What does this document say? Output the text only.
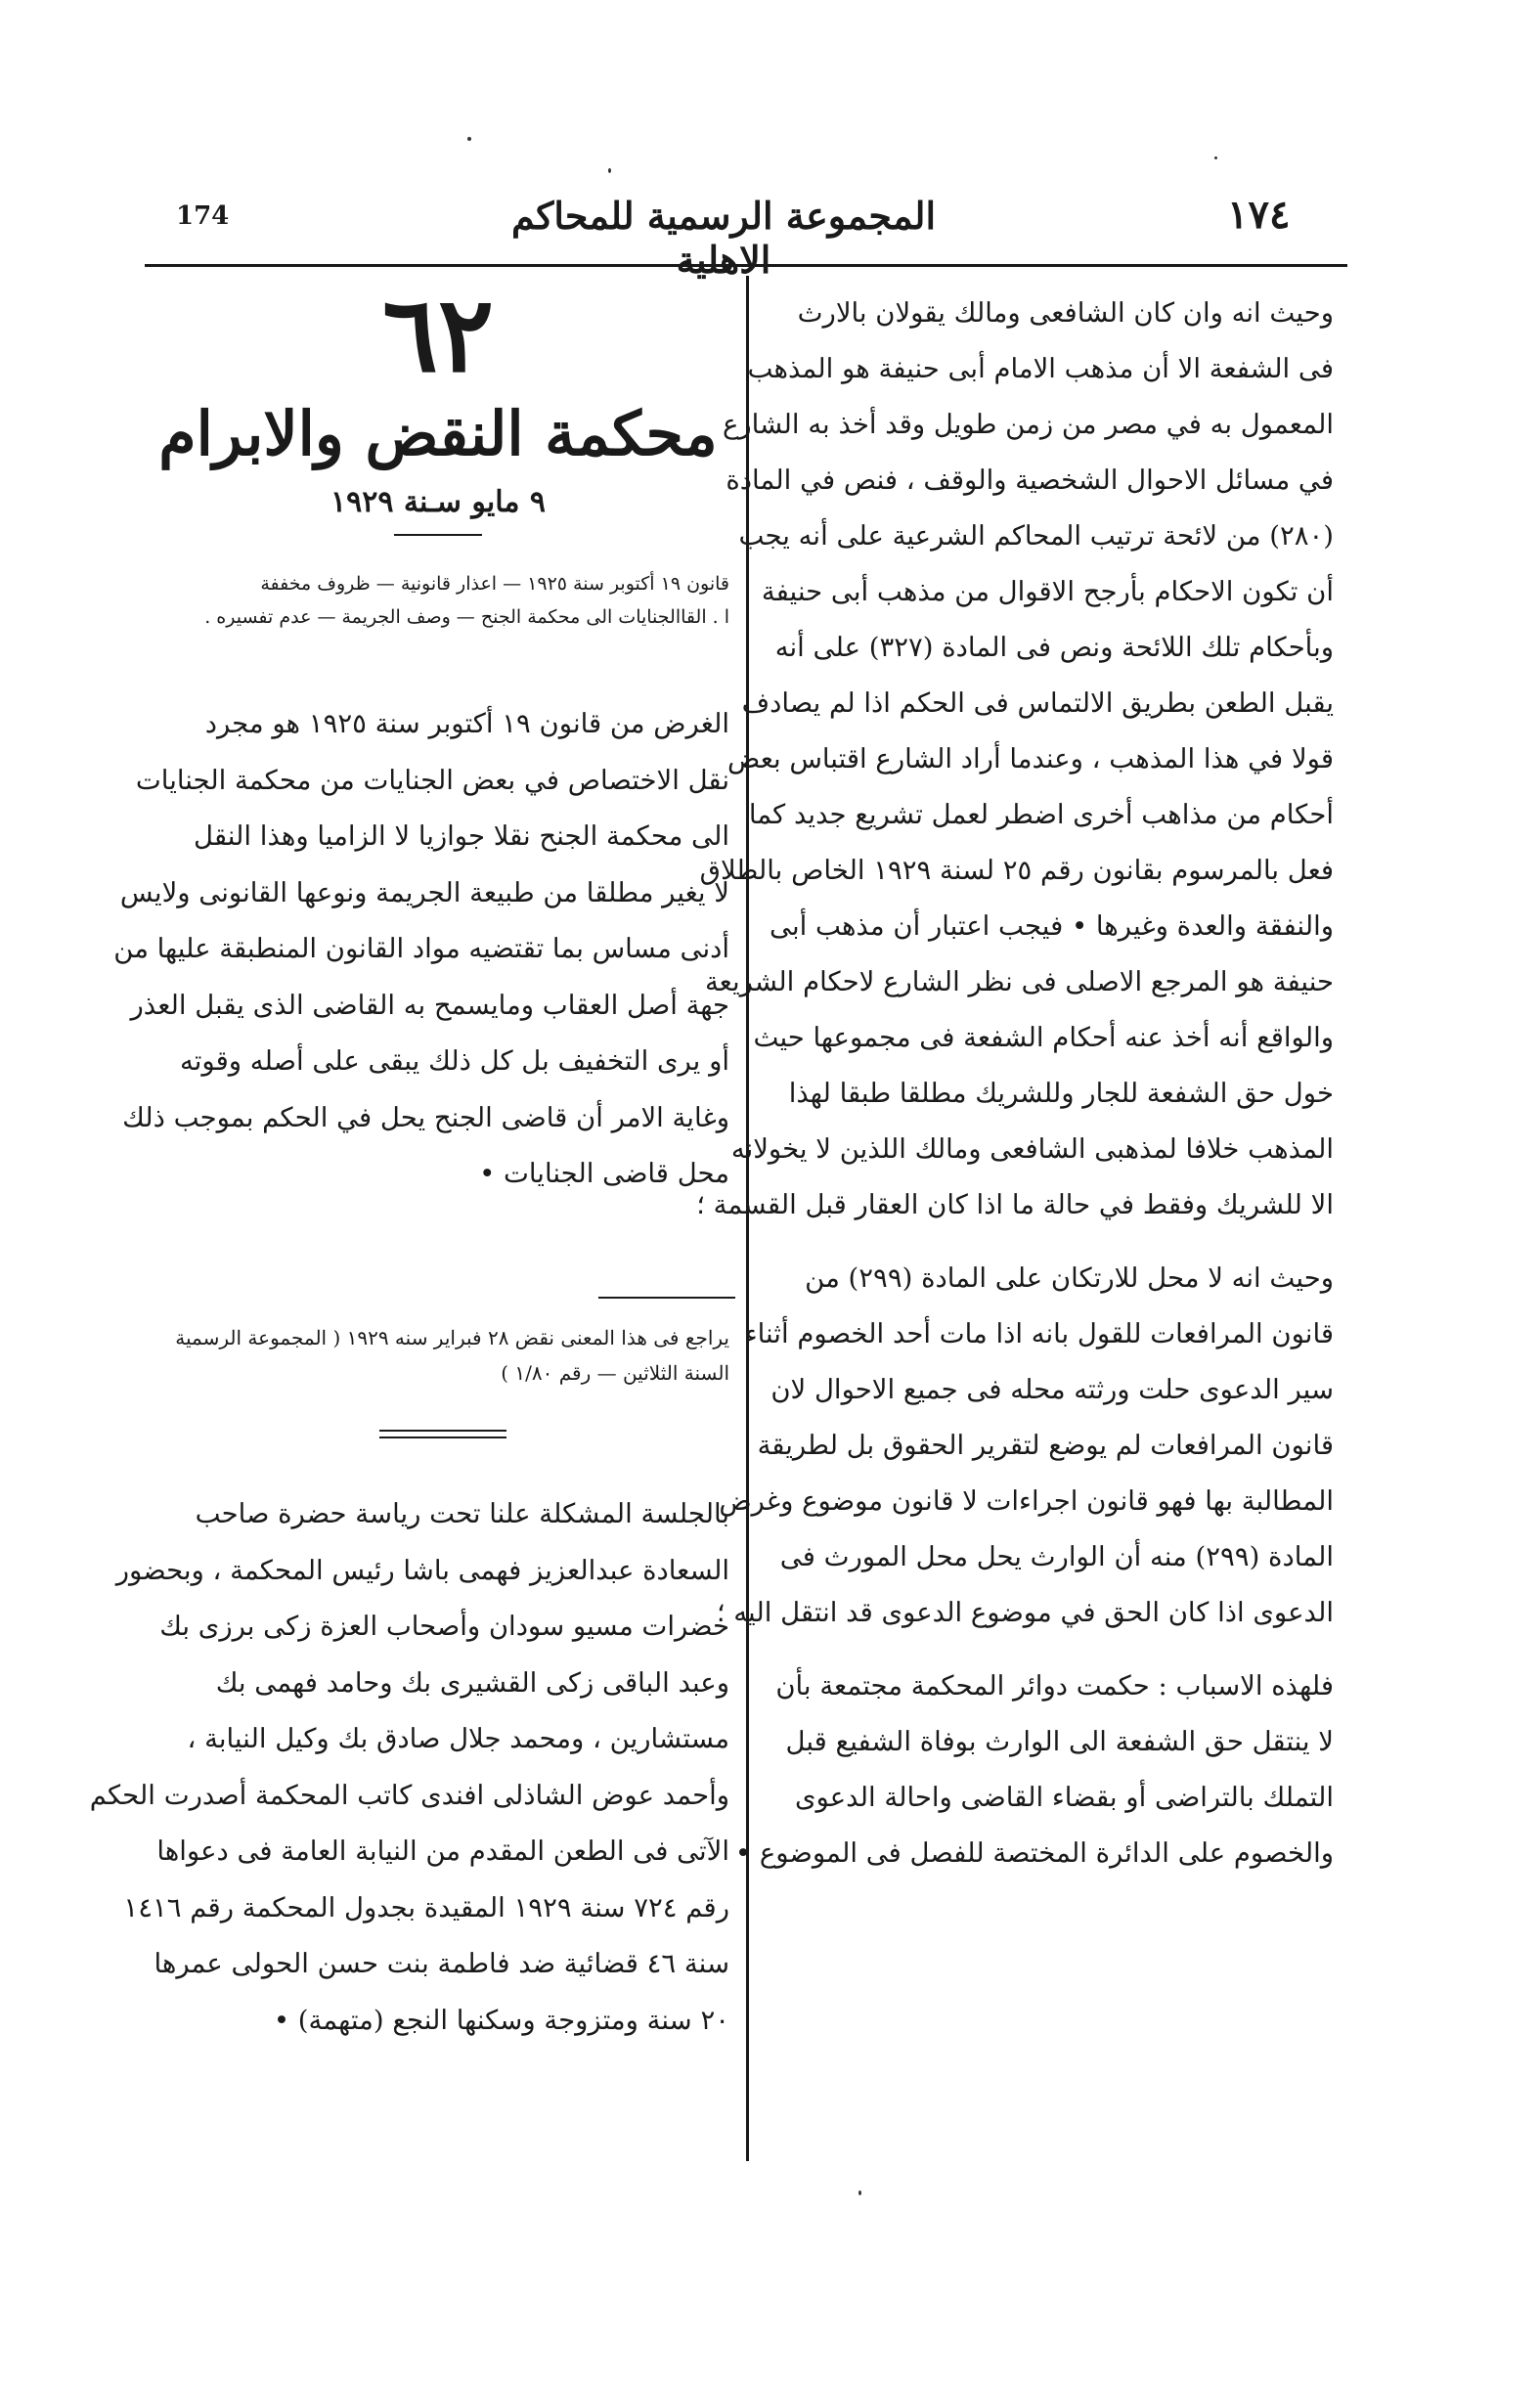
174	المجموعة الرسمية للمحاكم الاهلية
١٧٤

وحيث انه وان كان الشافعى ومالك يقولان بالارث

فى الشفعة الا أن مذهب الامام أبى حنيفة هو المذهب

المعمول به في مصر من زمن طويل وقد أخذ به الشارع

في مسائل الاحوال الشخصية والوقف ، فنص في المادة

(٢٨٠) من لائحة ترتيب المحاكم الشرعية على أنه يجب

أن تكون الاحكام بأرجح الاقوال من مذهب أبى حنيفة

وبأحكام تلك اللائحة ونص فى المادة (٣٢٧) على أنه

يقبل الطعن بطريق الالتماس فى الحكم اذا لم يصادف

قولا في هذا المذهب ، وعندما أراد الشارع اقتباس بعض

أحكام من مذاهب أخرى اضطر لعمل تشريع جديد كما

فعل بالمرسوم بقانون رقم ٢٥ لسنة ١٩٢٩ الخاص بالطلاق

والنفقة والعدة وغيرها • فيجب اعتبار أن مذهب أبى

حنيفة هو المرجع الاصلى فى نظر الشارع لاحكام الشريعة

والواقع أنه أخذ عنه أحكام الشفعة فى مجموعها حيث

خول حق الشفعة للجار وللشريك مطلقا طبقا لهذا

المذهب خلافا لمذهبى الشافعى ومالك اللذين لا يخولانه

الا للشريك وفقط في حالة ما اذا كان العقار قبل القسمة ؛

وحيث انه لا محل للارتكان على المادة (٢٩٩) من

قانون المرافعات للقول بانه اذا مات أحد الخصوم أثناء

سير الدعوى حلت ورثته محله فى جميع الاحوال لان

قانون المرافعات لم يوضع لتقرير الحقوق بل لطريقة

المطالبة بها فهو قانون اجراءات لا قانون موضوع وغرض

المادة (٢٩٩) منه أن الوارث يحل محل المورث فى

الدعوى اذا كان الحق في موضوع الدعوى قد انتقل اليه ؛

فلهذه الاسباب : حكمت دوائر المحكمة مجتمعة بأن

لا ينتقل حق الشفعة الى الوارث بوفاة الشفيع قبل

التملك بالتراضى أو بقضاء القاضى واحالة الدعوى

والخصوم على الدائرة المختصة للفصل فى الموضوع •

٦٢

محكمة النقض والابرام

٩ مايو سـنة ١٩٢٩

قانون ١٩ أكتوبر سنة ١٩٢٥ — اعذار قانونية — ظروف مخففة

ا . القاالجنايات الى محكمة الجنح — وصف الجريمة — عدم تفسيره .

الغرض من قانون ١٩ أكتوبر سنة ١٩٢٥ هو مجرد

نقل الاختصاص في بعض الجنايات من محكمة الجنايات

الى محكمة الجنح نقلا جوازيا لا الزاميا وهذا النقل

لا يغير مطلقا من طبيعة الجريمة ونوعها القانونى ولايس

أدنى مساس بما تقتضيه مواد القانون المنطبقة عليها من

جهة أصل العقاب ومايسمح به القاضى الذى يقبل العذر

أو يرى التخفيف بل كل ذلك يبقى على أصله وقوته

وغاية الامر أن قاضى الجنح يحل في الحكم بموجب ذلك

محل قاضى الجنايات •

يراجع فى هذا المعنى نقض ٢٨ فبراير سنه ١٩٢٩ ( المجموعة الرسمية

السنة الثلاثين — رقم ١/٨٠ )

بالجلسة المشكلة علنا تحت رياسة حضرة صاحب

السعادة عبدالعزيز فهمى باشا رئيس المحكمة ، وبحضور

حضرات مسيو سودان وأصحاب العزة زكى برزى بك

وعبد الباقى زكى القشيرى بك وحامد فهمى بك

مستشارين ، ومحمد جلال صادق بك وكيل النيابة ،

وأحمد عوض الشاذلى افندى كاتب المحكمة أصدرت الحكم

الآتى فى الطعن المقدم من النيابة العامة فى دعواها

رقم ٧٢٤ سنة ١٩٢٩ المقيدة بجدول المحكمة رقم ١٤١٦

سنة ٤٦ قضائية ضد فاطمة بنت حسن الحولى عمرها

٢٠ سنة ومتزوجة وسكنها النجع (متهمة) •
